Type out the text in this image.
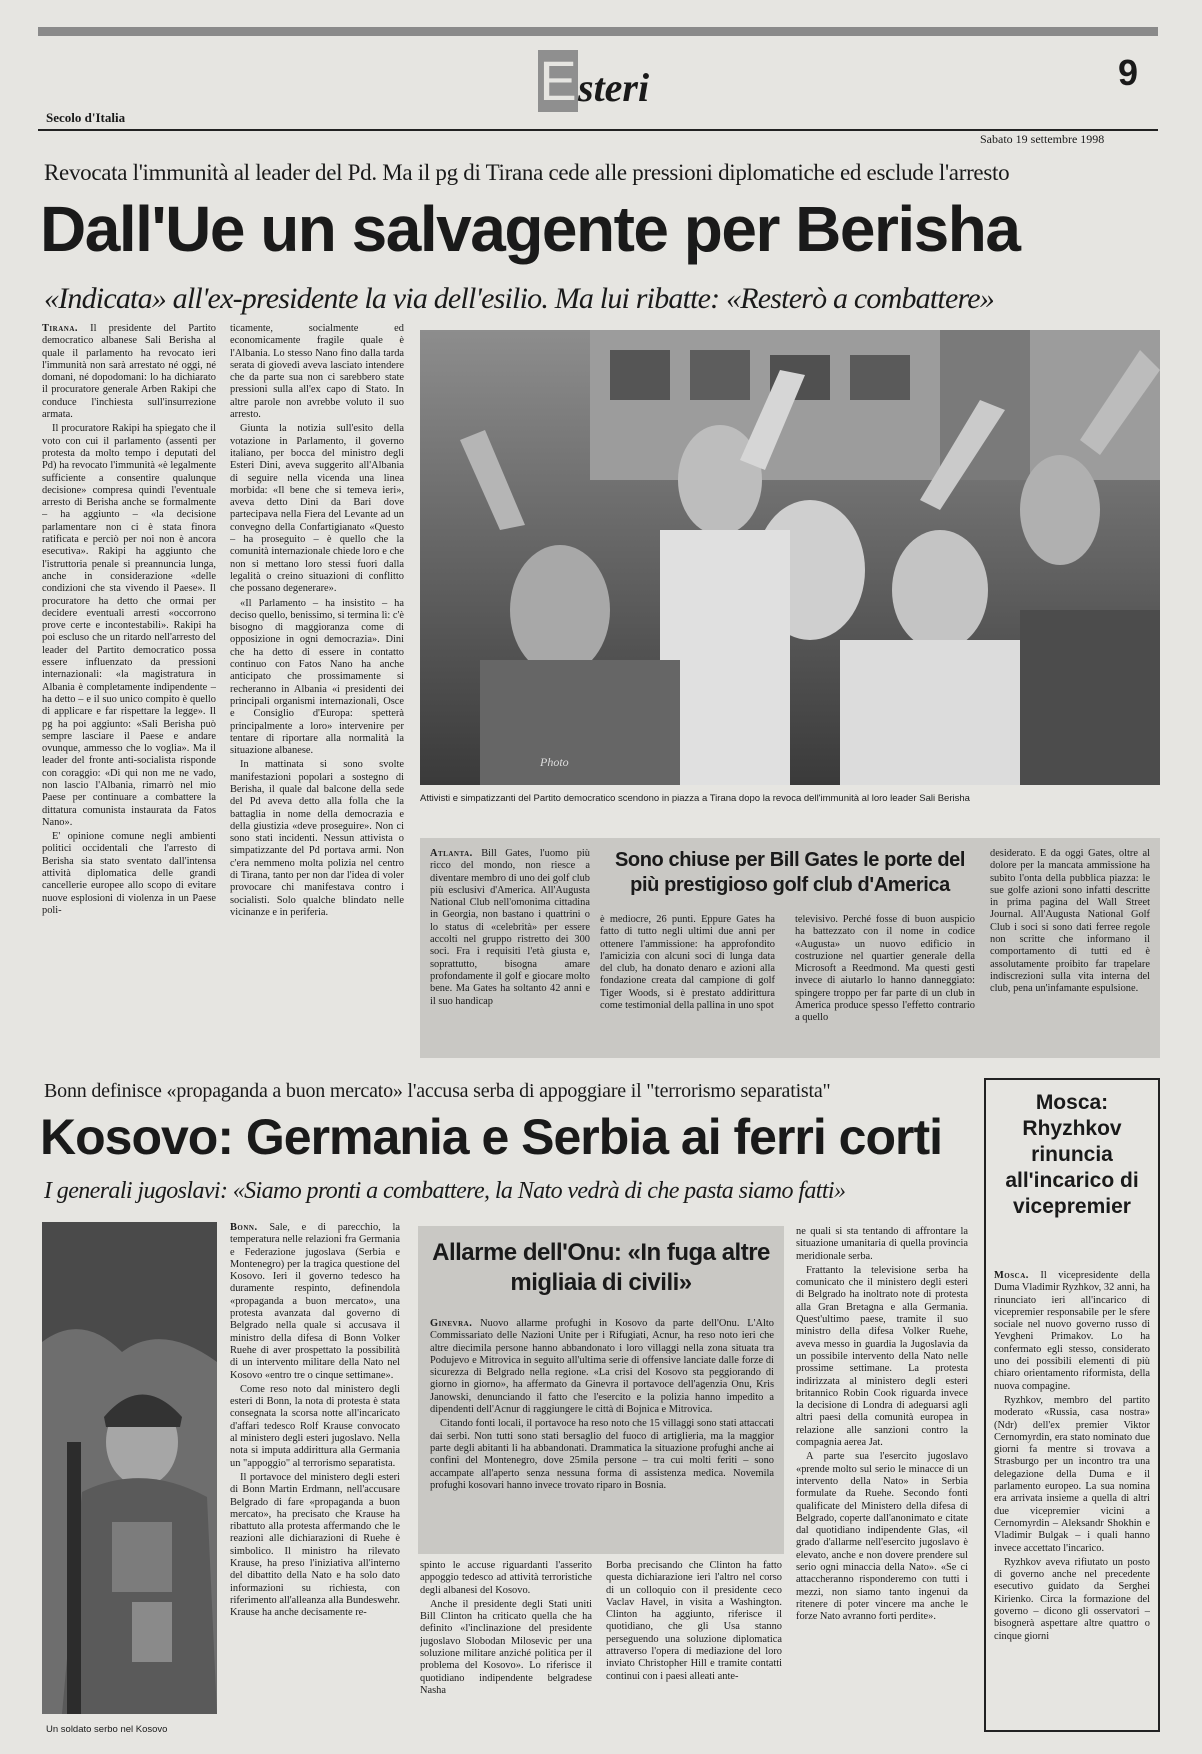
Secolo d'Italia
E steri	9
Sabato 19 settembre 1998
Revocata l'immunità al leader del Pd. Ma il pg di Tirana cede alle pressioni diplomatiche ed esclude l'arresto
Dall'Ue un salvagente per Berisha
«Indicata» all'ex-presidente la via dell'esilio. Ma lui ribatte: «Resterò a combattere»

Tirana. Il presidente del Partito democratico albanese Sali Berisha al quale il parlamento ha revocato ieri l'immunità non sarà arrestato né oggi, né domani, né dopodomani: lo ha dichiarato il procuratore generale Arben Rakipi che conduce l'inchiesta sull'insurrezione armata.

Il procuratore Rakipi ha spiegato che il voto con cui il parlamento (assenti per protesta da molto tempo i deputati del Pd) ha revocato l'immunità «è legalmente sufficiente a consentire qualunque decisione» compresa quindi l'eventuale arresto di Berisha anche se formalmente – ha aggiunto – «la decisione parlamentare non ci è stata finora ratificata e perciò per noi non è ancora esecutiva». Rakipi ha aggiunto che l'istruttoria penale si preannuncia lunga, anche in considerazione «delle condizioni che sta vivendo il Paese». Il procuratore ha detto che ormai per decidere eventuali arresti «occorrono prove certe e incontestabili». Rakipi ha poi escluso che un ritardo nell'arresto del leader del Partito democratico possa essere influenzato da pressioni internazionali: «la magistratura in Albania è completamente indipendente – ha detto – e il suo unico compito è quello di applicare e far rispettare la legge». Il pg ha poi aggiunto: «Sali Berisha può sempre lasciare il Paese e andare ovunque, ammesso che lo voglia». Ma il leader del fronte anti-socialista risponde con coraggio: «Di qui non me ne vado, non lascio l'Albania, rimarrò nel mio Paese per continuare a combattere la dittatura comunista instaurata da Fatos Nano».

E' opinione comune negli ambienti politici occidentali che l'arresto di Berisha sia stato sventato dall'intensa attività diplomatica delle grandi cancellerie europee allo scopo di evitare nuove esplosioni di violenza in un Paese poli-

ticamente, socialmente ed economicamente fragile quale è l'Albania. Lo stesso Nano fino dalla tarda serata di giovedì aveva lasciato intendere che da parte sua non ci sarebbero state pressioni sulla all'ex capo di Stato. In altre parole non avrebbe voluto il suo arresto.

Giunta la notizia sull'esito della votazione in Parlamento, il governo italiano, per bocca del ministro degli Esteri Dini, aveva suggerito all'Albania di seguire nella vicenda una linea morbida: «Il bene che si temeva ieri», aveva detto Dini da Bari dove partecipava nella Fiera del Levante ad un convegno della Confartigianato «Questo – ha proseguito – è quello che la comunità internazionale chiede loro e che non si mettano loro stessi fuori dalla legalità o creino situazioni di conflitto che possano degenerare».

«Il Parlamento – ha insistito – ha deciso quello, benissimo, si termina lì: c'è bisogno di maggioranza come di opposizione in ogni democrazia». Dini che ha detto di essere in contatto continuo con Fatos Nano ha anche anticipato che prossimamente si recheranno in Albania «i presidenti dei principali organismi internazionali, Osce e Consiglio d'Europa: spetterà principalmente a loro» intervenire per tentare di riportare alla normalità la situazione albanese.

In mattinata si sono svolte manifestazioni popolari a sostegno di Berisha, il quale dal balcone della sede del Pd aveva detto alla folla che la battaglia in nome della democrazia e della giustizia «deve proseguire». Non ci sono stati incidenti. Nessun attivista o simpatizzante del Pd portava armi. Non c'era nemmeno molta polizia nel centro di Tirana, tanto per non dar l'idea di voler provocare chi manifestava contro i socialisti. Solo qualche blindato nelle vicinanze e in periferia.

Photo
Attivisti e simpatizzanti del Partito democratico scendono in piazza a Tirana dopo la revoca dell'immunità al loro leader Sali Berisha
Sono chiuse per Bill Gates le porte del più prestigioso golf club d'America

Atlanta. Bill Gates, l'uomo più ricco del mondo, non riesce a diventare membro di uno dei golf club più esclusivi d'America. All'Augusta National Club nell'omonima cittadina in Georgia, non bastano i quattrini o lo status di «celebrità» per essere accolti nel gruppo ristretto dei 300 soci. Fra i requisiti l'età giusta e, soprattutto, bisogna amare profondamente il golf e giocare molto bene. Ma Gates ha soltanto 42 anni e il suo handicap

è mediocre, 26 punti. Eppure Gates ha fatto di tutto negli ultimi due anni per ottenere l'ammissione: ha approfondito l'amicizia con alcuni soci di lunga data del club, ha donato denaro e azioni alla fondazione creata dal campione di golf Tiger Woods, si è prestato addirittura come testimonial della pallina in uno spot

televisivo. Perché fosse di buon auspicio ha battezzato con il nome in codice «Augusta» un nuovo edificio in costruzione nel quartier generale della Microsoft a Reedmond. Ma questi gesti invece di aiutarlo lo hanno danneggiato: spingere troppo per far parte di un club in America produce spesso l'effetto contrario a quello

desiderato. E da oggi Gates, oltre al dolore per la mancata ammissione ha subìto l'onta della pubblica piazza: le sue golfe azioni sono infatti descritte in prima pagina del Wall Street Journal. All'Augusta National Golf Club i soci si sono dati ferree regole non scritte che informano il comportamento di tutti ed è assolutamente proibito far trapelare indiscrezioni sulla vita interna del club, pena un'infamante espulsione.

Bonn definisce «propaganda a buon mercato» l'accusa serba di appoggiare il "terrorismo separatista"
Kosovo: Germania e Serbia ai ferri corti
I generali jugoslavi: «Siamo pronti a combattere, la Nato vedrà di che pasta siamo fatti»
Un soldato serbo nel Kosovo

Bonn. Sale, e di parecchio, la temperatura nelle relazioni fra Germania e Federazione jugoslava (Serbia e Montenegro) per la tragica questione del Kosovo. Ieri il governo tedesco ha duramente respinto, definendola «propaganda a buon mercato», una protesta avanzata dal governo di Belgrado nella quale si accusava il ministro della difesa di Bonn Volker Ruehe di aver prospettato la possibilità di un intervento militare della Nato nel Kosovo «entro tre o cinque settimane».

Come reso noto dal ministero degli esteri di Bonn, la nota di protesta è stata consegnata la scorsa notte all'incaricato d'affari tedesco Rolf Krause convocato al ministero degli esteri jugoslavo. Nella nota si imputa addirittura alla Germania un "appoggio" al terrorismo separatista.

Il portavoce del ministero degli esteri di Bonn Martin Erdmann, nell'accusare Belgrado di fare «propaganda a buon mercato», ha precisato che Krause ha ribattuto alla protesta affermando che le reazioni alle dichiarazioni di Ruehe è simbolico. Il ministro ha rilevato Krause, ha preso l'iniziativa all'interno del dibattito della Nato e ha solo dato informazioni su richiesta, con riferimento all'alleanza alla Bundeswehr. Krause ha anche decisamente re-

Allarme dell'Onu: «In fuga altre migliaia di civili»

Ginevra. Nuovo allarme profughi in Kosovo da parte dell'Onu. L'Alto Commissariato delle Nazioni Unite per i Rifugiati, Acnur, ha reso noto ieri che altre diecimila persone hanno abbandonato i loro villaggi nella zona situata tra Podujevo e Mitrovica in seguito all'ultima serie di offensive lanciate dalle forze di sicurezza di Belgrado nella regione. «La crisi del Kosovo sta peggiorando di giorno in giorno», ha affermato da Ginevra il portavoce dell'agenzia Onu, Kris Janowski, denunciando il fatto che l'esercito e la polizia hanno impedito a dipendenti dell'Acnur di raggiungere le città di Bojnica e Mitrovica.

Citando fonti locali, il portavoce ha reso noto che 15 villaggi sono stati attaccati dai serbi. Non tutti sono stati bersaglio del fuoco di artiglieria, ma la maggior parte degli abitanti li ha abbandonati. Drammatica la situazione profughi anche ai confini del Montenegro, dove 25mila persone – tra cui molti feriti – sono accampate all'aperto senza nessuna forma di assistenza medica. Novemila profughi kosovari hanno invece trovato riparo in Bosnia.

spinto le accuse riguardanti l'asserito appoggio tedesco ad attività terroristiche degli albanesi del Kosovo.

Anche il presidente degli Stati uniti Bill Clinton ha criticato quella che ha definito «l'inclinazione del presidente jugoslavo Slobodan Milosevic per una soluzione militare anziché politica per il problema del Kosovo». Lo riferisce il quotidiano indipendente belgradese Nasha

Borba precisando che Clinton ha fatto questa dichiarazione ieri l'altro nel corso di un colloquio con il presidente ceco Vaclav Havel, in visita a Washington. Clinton ha aggiunto, riferisce il quotidiano, che gli Usa stanno perseguendo una soluzione diplomatica attraverso l'opera di mediazione del loro inviato Christopher Hill e tramite contatti continui con i paesi alleati ante-

ne quali si sta tentando di affrontare la situazione umanitaria di quella provincia meridionale serba.

Frattanto la televisione serba ha comunicato che il ministero degli esteri di Belgrado ha inoltrato note di protesta alla Gran Bretagna e alla Germania. Quest'ultimo paese, tramite il suo ministro della difesa Volker Ruehe, aveva messo in guardia la Jugoslavia da un possibile intervento della Nato nelle prossime settimane. La protesta indirizzata al ministero degli esteri britannico Robin Cook riguarda invece la decisione di Londra di adeguarsi agli altri paesi della comunità europea in relazione alle sanzioni contro la compagnia aerea Jat.

A parte sua l'esercito jugoslavo «prende molto sul serio le minacce di un intervento della Nato» in Serbia formulate da Ruehe. Secondo fonti qualificate del Ministero della difesa di Belgrado, coperte dall'anonimato e citate dal quotidiano indipendente Glas, «il grado d'allarme nell'esercito jugoslavo è elevato, anche e non dovere prendere sul serio ogni minaccia della Nato». «Se ci attaccheranno risponderemo con tutti i mezzi, non siamo tanto ingenui da ritenere di poter vincere ma anche le forze Nato avranno forti perdite».

Mosca: Rhyzhkov rinuncia all'incarico di vicepremier

Mosca. Il vicepresidente della Duma Vladimir Ryzhkov, 32 anni, ha rinunciato ieri all'incarico di vicepremier responsabile per le sfere sociale nel nuovo governo russo di Yevgheni Primakov. Lo ha confermato egli stesso, considerato uno dei possibili elementi di più chiaro orientamento riformista, della nuova compagine.

Ryzhkov, membro del partito moderato «Russia, casa nostra» (Ndr) dell'ex premier Viktor Cernomyrdin, era stato nominato due giorni fa mentre si trovava a Strasburgo per un incontro tra una delegazione della Duma e il parlamento europeo. La sua nomina era arrivata insieme a quella di altri due vicepremier vicini a Cernomyrdin – Aleksandr Shokhin e Vladimir Bulgak – i quali hanno invece accettato l'incarico.

Ryzhkov aveva rifiutato un posto di governo anche nel precedente esecutivo guidato da Serghei Kirienko. Circa la formazione del governo – dicono gli osservatori – bisognerà aspettare altre quattro o cinque giorni
